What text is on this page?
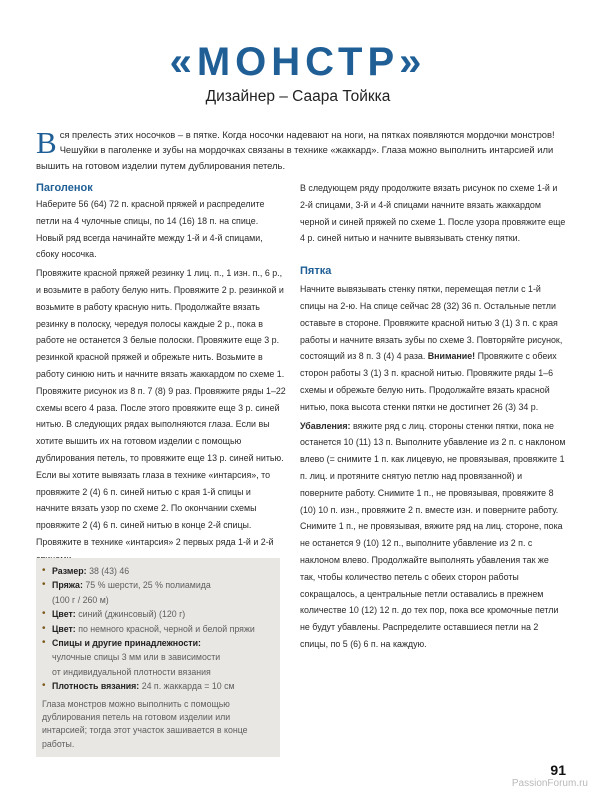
«МОНСТР»
Дизайнер – Саара Тойкка
В ся прелесть этих носочков – в пятке. Когда носочки надевают на ноги, на пятках появляются мордочки монстров! Чешуйки в паголенке и зубы на мордочках связаны в технике «жаккард». Глаза можно выполнить интарсией или вышить на готовом изделии путем дублирования петель.

Паголенок

Наберите 56 (64) 72 п. красной пряжей и распределите петли на 4 чулочные спицы, по 14 (16) 18 п. на спице. Новый ряд всегда начинайте между 1-й и 4-й спицами, сбоку носочка.

Провяжите красной пряжей резинку 1 лиц. п., 1 изн. п., 6 р., и возьмите в работу белую нить. Провяжите 2 р. резинкой и возьмите в работу красную нить. Продолжайте вязать резинку в полоску, чередуя полосы каждые 2 р., пока в работе не останется 3 белые полоски. Провяжите еще 3 р. резинкой красной пряжей и обрежьте нить. Возьмите в работу синюю нить и начните вязать жаккардом по схеме 1. Провяжите рисунок из 8 п. 7 (8) 9 раз. Провяжите ряды 1–22 схемы всего 4 раза. После этого провяжите еще 3 р. синей нитью. В следующих рядах выполняются глаза. Если вы хотите вышить их на готовом изделии с помощью дублирования петель, то провяжите еще 13 р. синей нитью. Если вы хотите вывязать глаза в технике «интарсия», то провяжите 2 (4) 6 п. синей нитью с края 1-й спицы и начните вязать узор по схеме 2. По окончании схемы провяжите 2 (4) 6 п. синей нитью в конце 2-й спицы. Провяжите в технике «интарсия» 2 первых ряда 1-й и 2-й

• Размер: 38 (43) 46
• Пряжа: 75 % шерсти, 25 % полиамида
(100 г / 260 м)
• Цвет: синий (джинсовый) (120 г)
• Цвет: по немного красной, черной и белой пряжи
• Спицы и другие принадлежности:
чулочные спицы 3 мм или в зависимости
от индивидуальной плотности вязания
• Плотность вязания: 24 п. жаккарда = 10 см
Глаза монстров можно выполнить с помощью дублирования петель на готовом изделии или интарсией; тогда этот участок зашивается в конце работы.

В следующем ряду продолжите вязать рисунок по схеме 1-й и 2-й спицами, 3-й и 4-й спицами начните вязать жаккардом черной и синей пряжей по схеме 1. После узора провяжите еще 4 р. синей нитью и начните вывязывать стенку пятки.

Пятка

Начните вывязывать стенку пятки, перемещая петли с 1-й спицы на 2-ю. На спице сейчас 28 (32) 36 п. Остальные петли оставьте в стороне. Провяжите красной нитью 3 (1) 3 п. с края работы и начните вязать зубы по схеме 3. Повторяйте рисунок, состоящий из 8 п. 3 (4) 4 раза. Внимание! Провяжите с обеих сторон работы 3 (1) 3 п. красной нитью. Провяжите ряды 1–6 схемы и обрежьте белую нить. Продолжайте вязать красной нитью, пока высота стенки пятки не достигнет 26 (3) 34 р.

Убавления: вяжите ряд с лиц. стороны стенки пятки, пока не останется 10 (11) 13 п. Выполните убавление из 2 п. с наклоном влево (= снимите 1 п. как лицевую, не провязывая, провяжите 1 п. лиц. и протяните снятую петлю над провязанной) и поверните работу. Снимите 1 п., не провязывая, провяжите 8 (10) 10 п. изн., провяжите 2 п. вместе изн. и поверните работу. Снимите 1 п., не провязывая, вяжите ряд на лиц. стороне, пока не останется 9 (10) 12 п., выполните убавление из 2 п. с наклоном влево. Продолжайте выполнять убавления так же так, чтобы количество петель с обеих сторон работы сокращалось, а центральные петли оставались в прежнем количестве 10 (12) 12 п. до тех пор, пока все кромочные петли не будут убавлены. Распределите оставшиеся петли на 2 спицы, по 5 (6) 6 п. на каждую.

91
PassionForum.ru
